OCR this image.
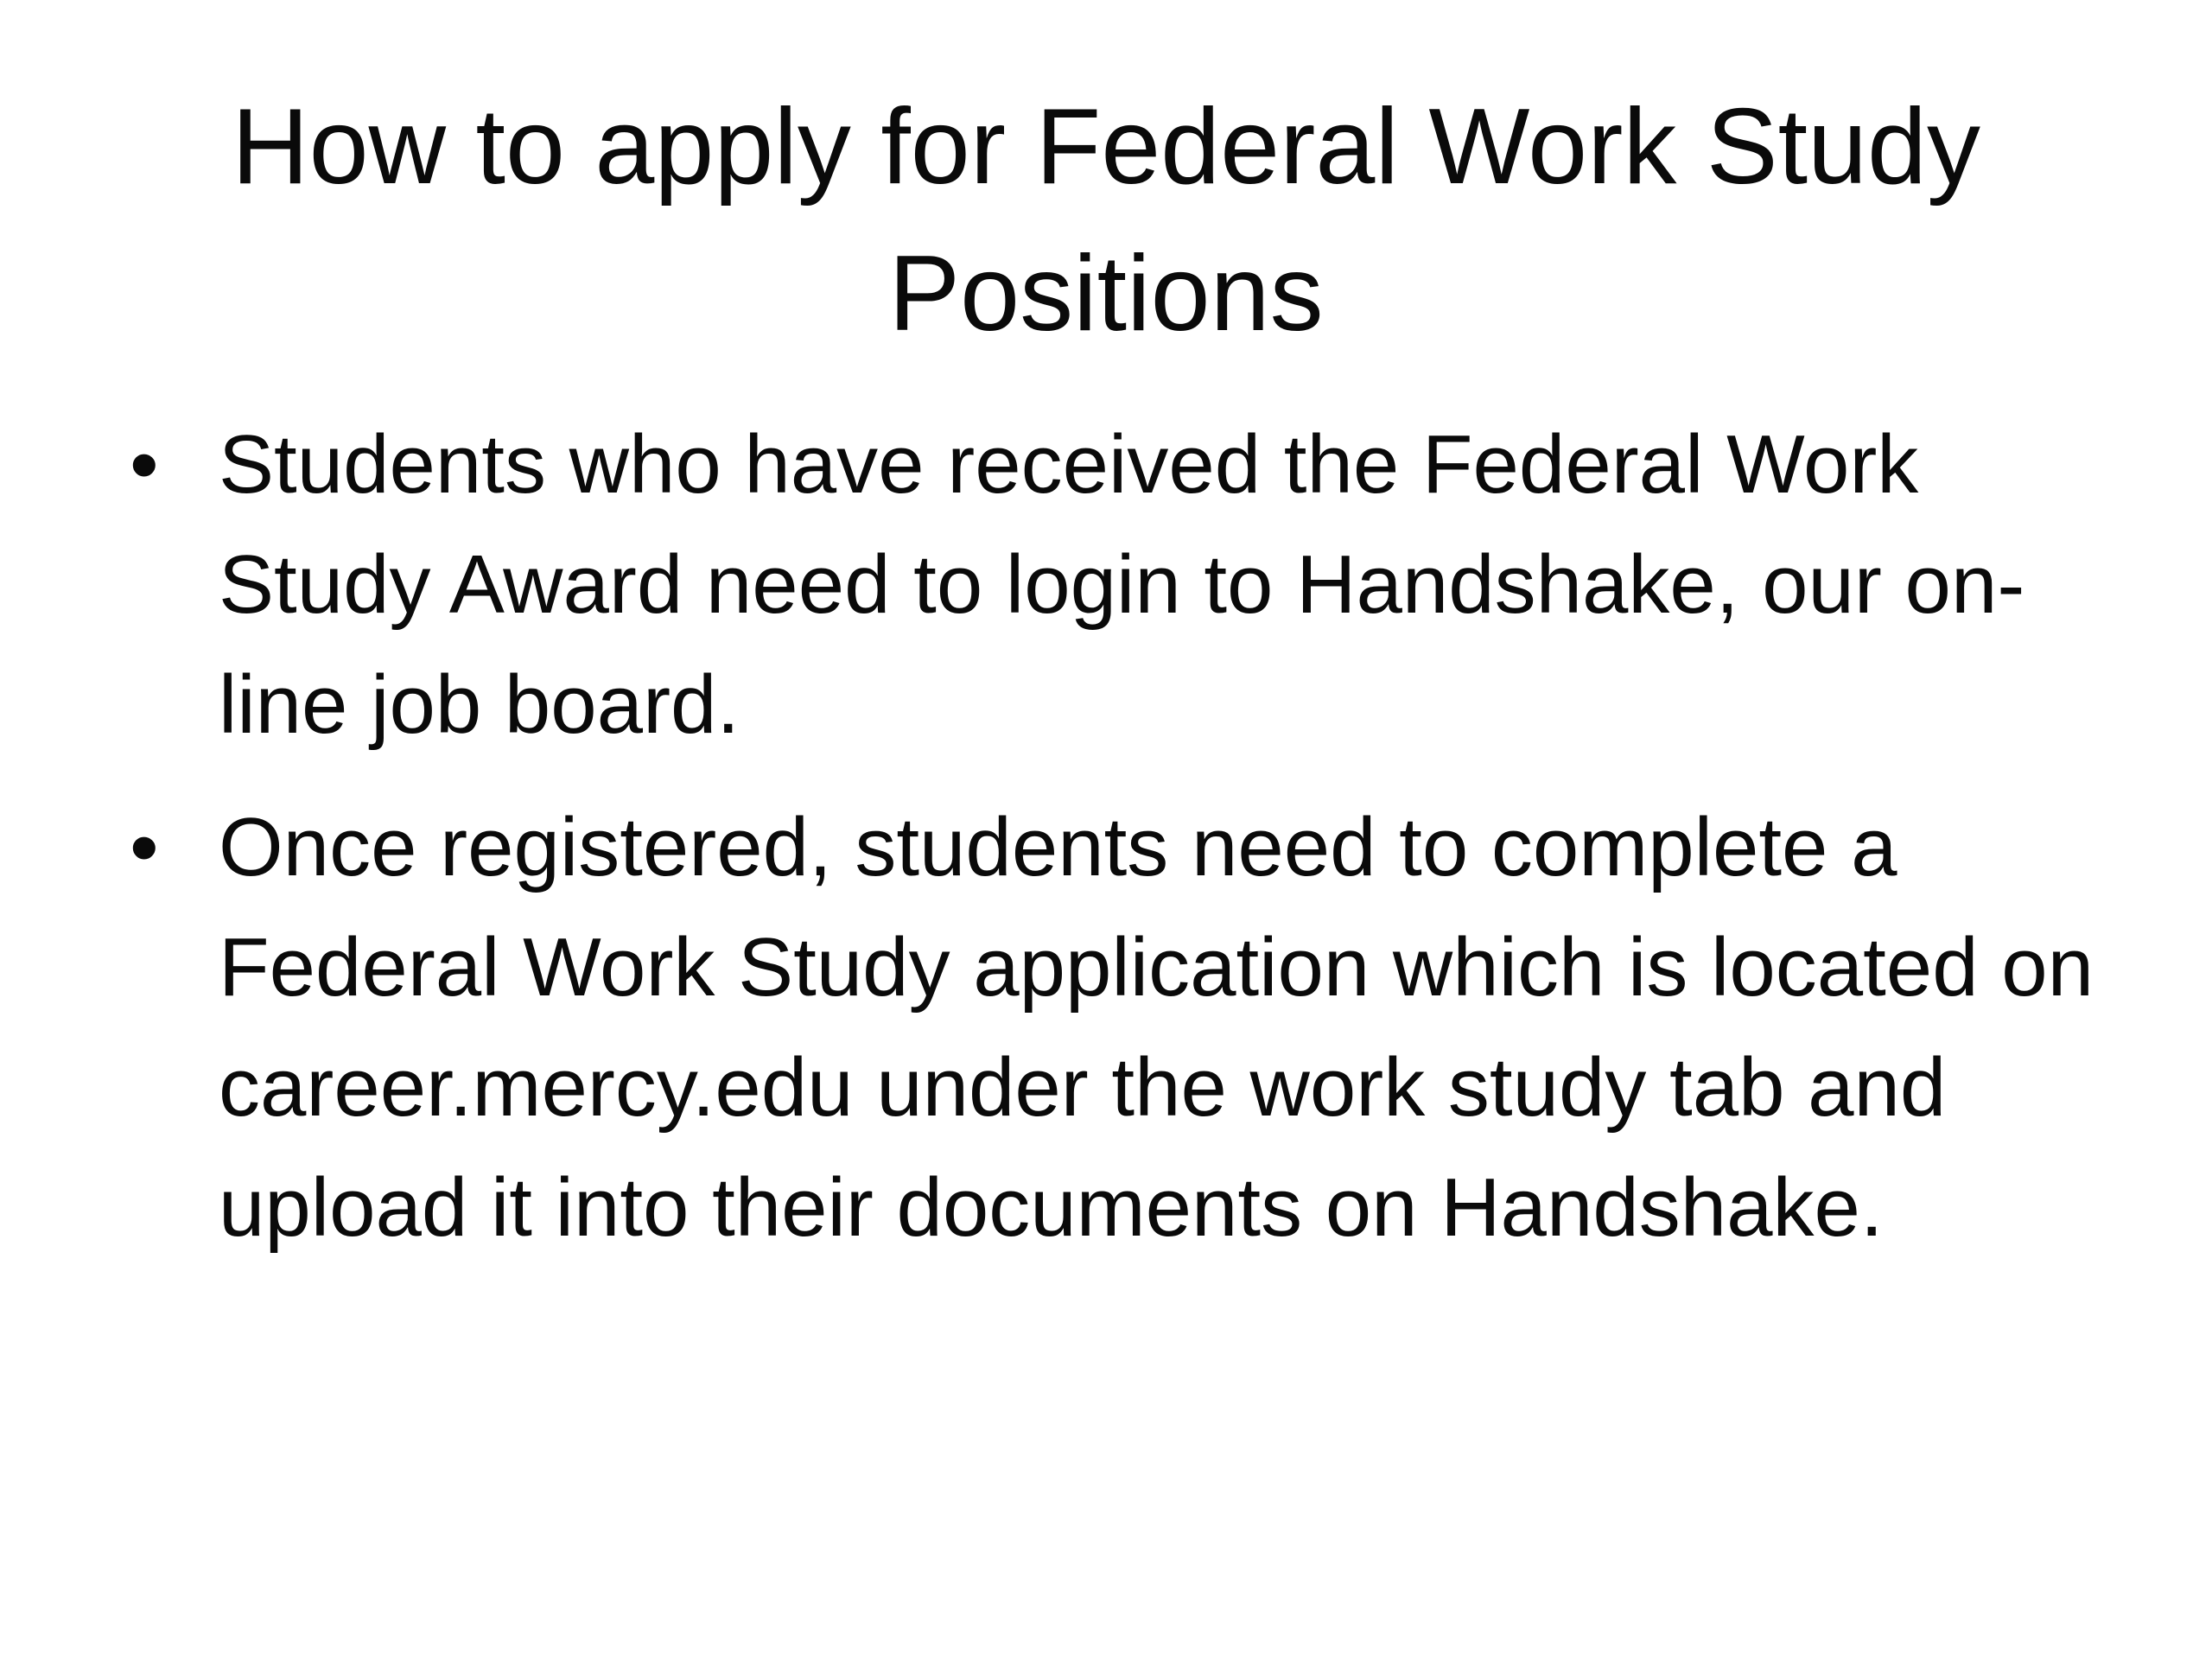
How to apply for Federal Work Study Positions
• Students who have received the Federal Work Study Award need to login to Handshake, our on-line job board.
• Once registered, students need to complete a Federal Work Study application which is located on career.mercy.edu under the work study tab and upload it into their documents on Handshake.
